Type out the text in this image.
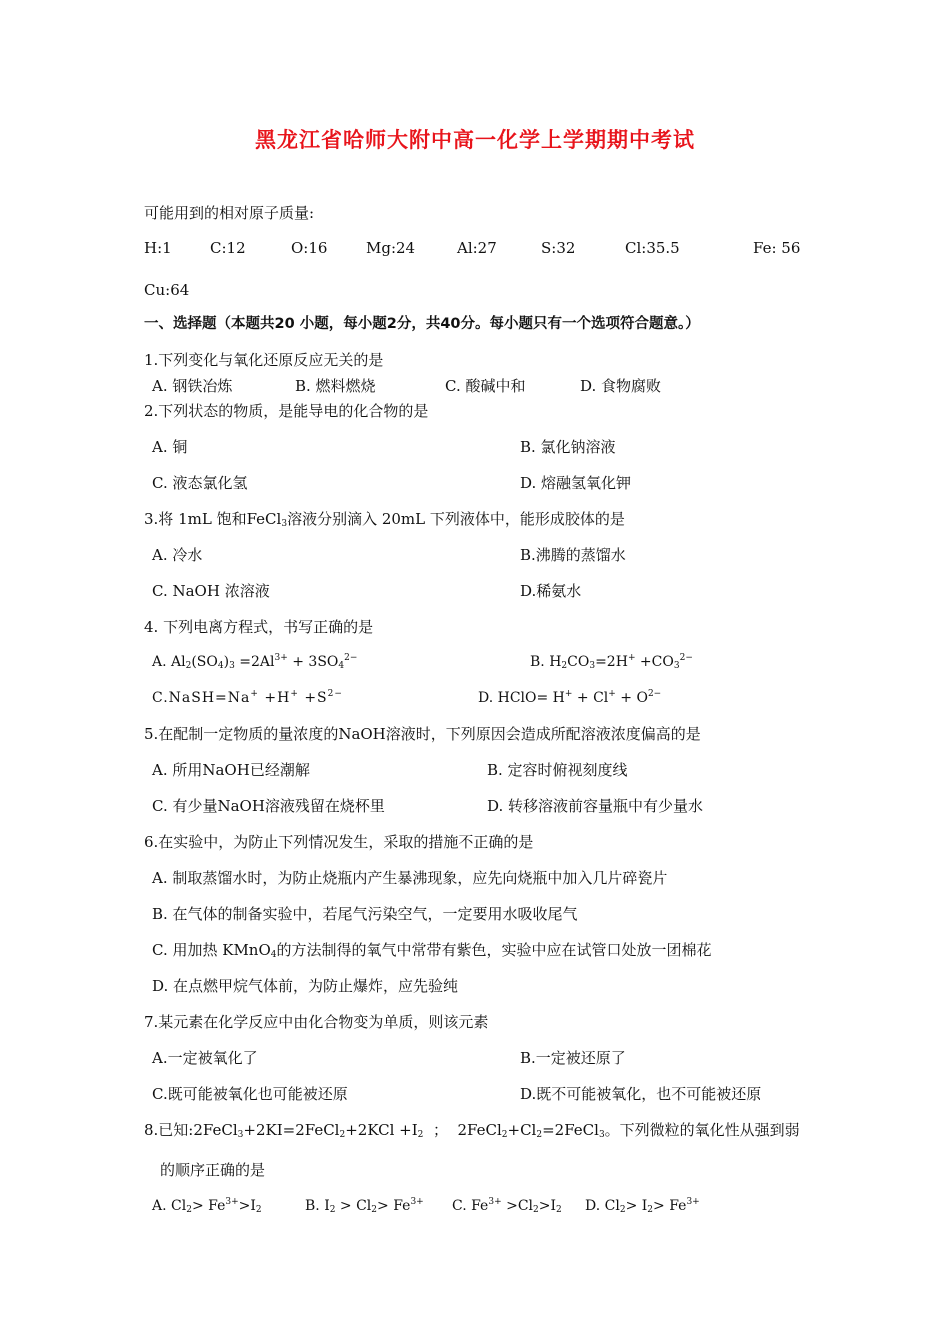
黑龙江省哈师大附中高一化学上学期期中考试
可能用到的相对原子质量:
H:1	C:12	O:16	Mg:24	Al:27	S:32	Cl:35.5	Fe: 56
Cu:64
一、选择题（本题共20 小题，每小题2分，共40分。每小题只有一个选项符合题意。）
1.下列变化与氧化还原反应无关的是
A. 钢铁冶炼	B. 燃料燃烧	C. 酸碱中和	D. 食物腐败
2.下列状态的物质，是能导电的化合物的是
A. 铜	B. 氯化钠溶液
C. 液态氯化氢	D. 熔融氢氧化钾
3.将 1mL 饱和FeCl$_3$溶液分别滴入 20mL 下列液体中，能形成胶体的是
A. 冷水	B.沸腾的蒸馏水
C. NaOH 浓溶液	D.稀氨水
4. 下列电离方程式，书写正确的是
A. $Al_2(SO_4)_3 =2Al^{3+} + 3SO_4^{2-}$	B. $H_2CO_3=2H^+ +CO_3^{2-}$
C.NaSH=Na+ $+H^+ +S^{2-}$	D. HClO= $H^+ + Cl^+ + O^{2-}$
5.在配制一定物质的量浓度的NaOH溶液时，下列原因会造成所配溶液浓度偏高的是
A. 所用NaOH已经潮解	B. 定容时俯视刻度线
C. 有少量NaOH溶液残留在烧杯里	D. 转移溶液前容量瓶中有少量水
6.在实验中，为防止下列情况发生，采取的措施不正确的是
A. 制取蒸馏水时，为防止烧瓶内产生暴沸现象，应先向烧瓶中加入几片碎瓷片
B. 在气体的制备实验中，若尾气污染空气，一定要用水吸收尾气
C. 用加热 KMnO$_4$的方法制得的氧气中常带有紫色，实验中应在试管口处放一团棉花
D. 在点燃甲烷气体前，为防止爆炸，应先验纯
7.某元素在化学反应中由化合物变为单质，则该元素
A.一定被氧化了	B.一定被还原了
C.既可能被氧化也可能被还原	D.既不可能被氧化，也不可能被还原
8.已知:2FeCl$_3$+2KI=2FeCl$_2$+2KCl $+I_2$  ；  $2FeCl_2+Cl_2=2FeCl_3$。下列微粒的氧化性从强到弱
的顺序正确的是
A. $Cl_2> Fe^{3+}>I_2$	B. $I_2 > Cl_2> Fe^{3+}$ C. $Fe^{3+} >Cl_2>I_2$ D. $Cl_2> I_2> Fe^{3+}$
